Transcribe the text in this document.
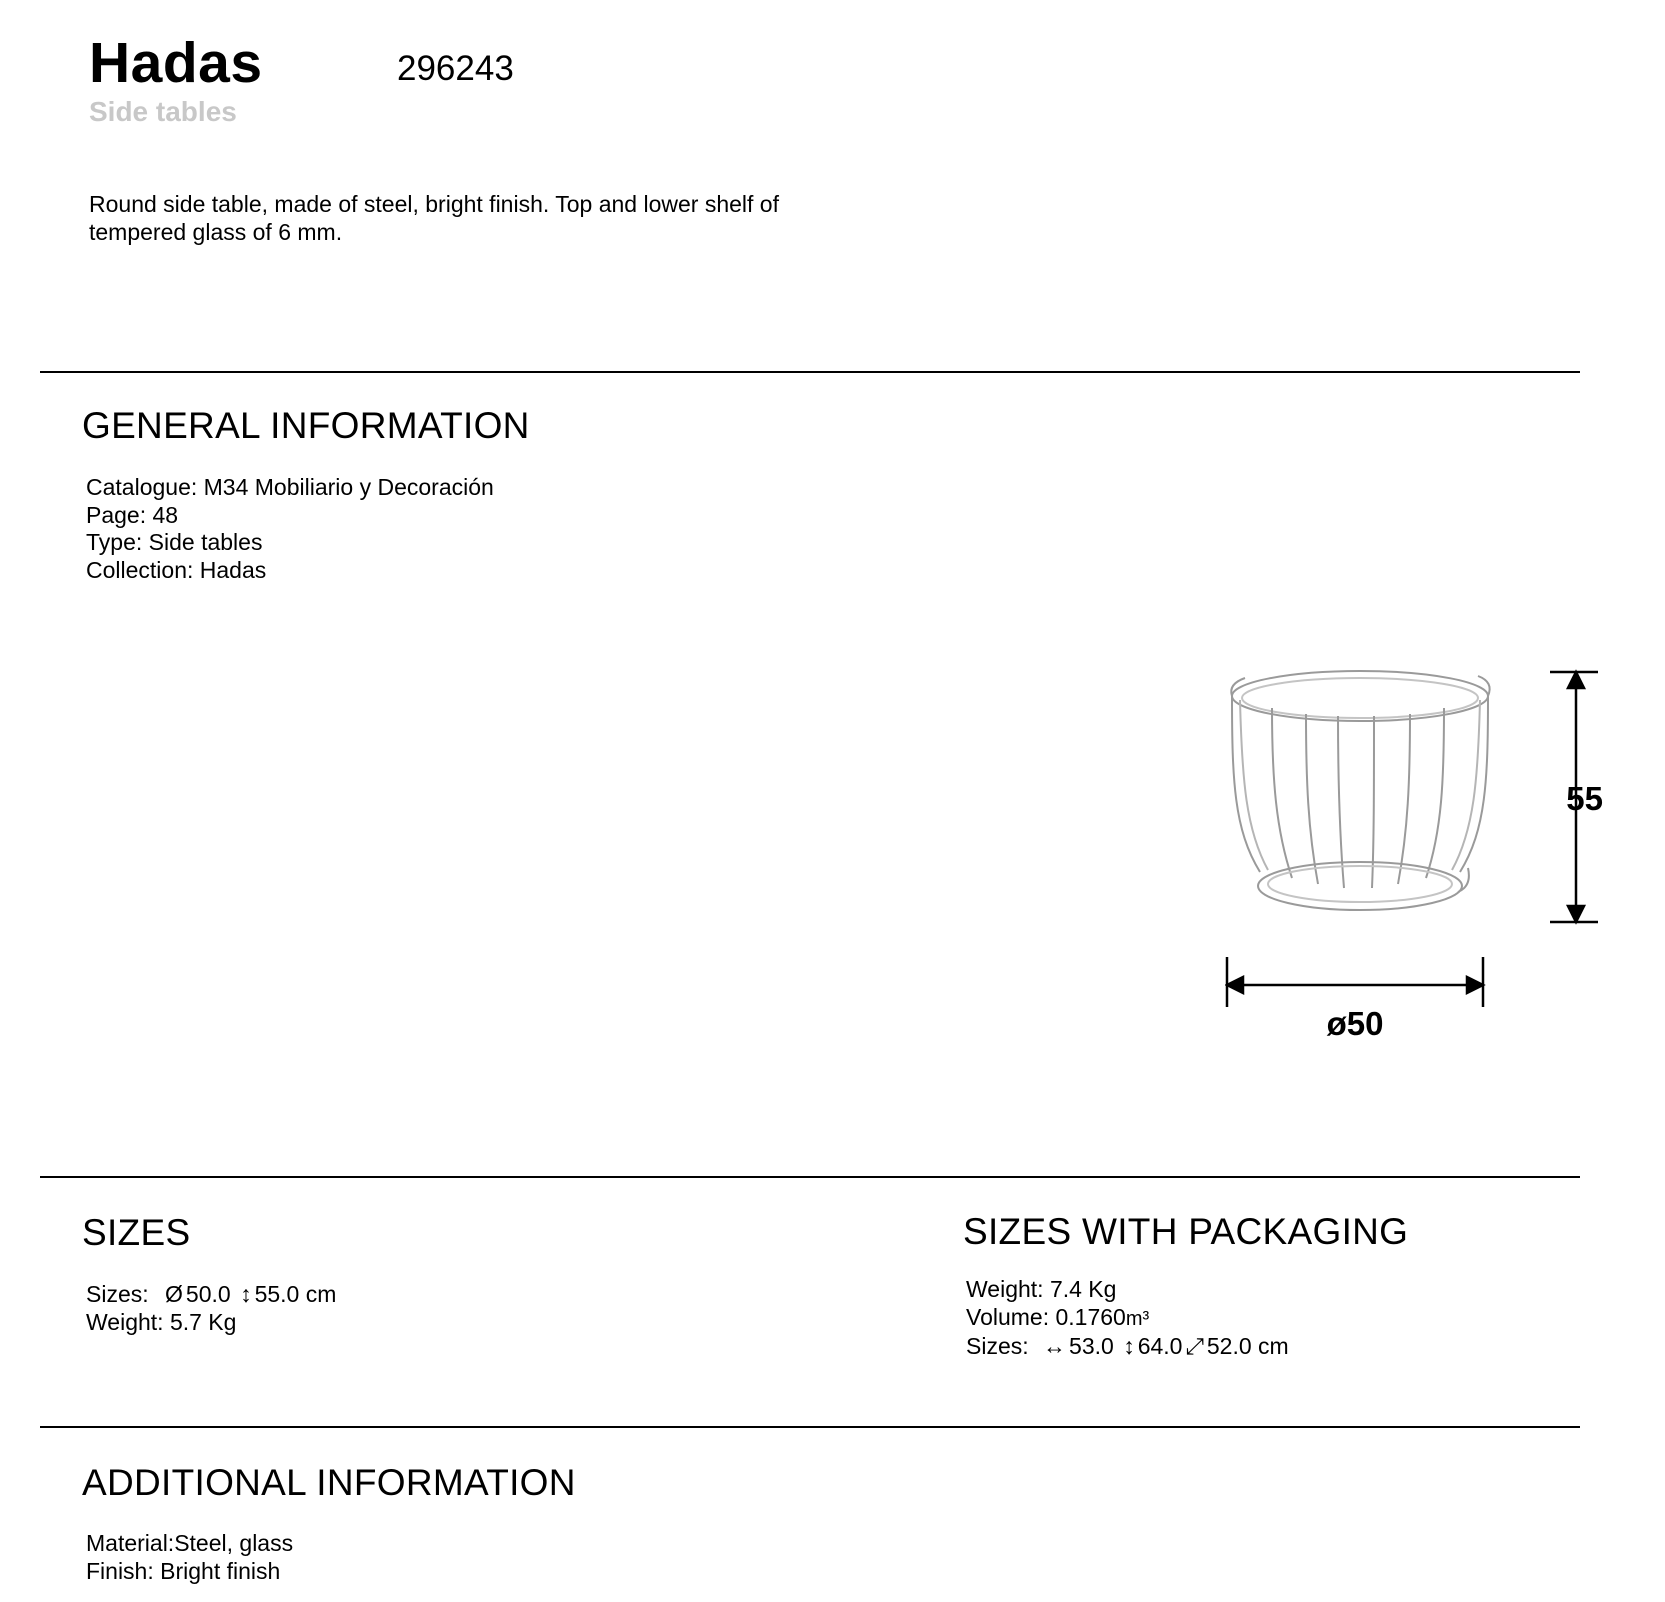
Hadas	296243
Side tables
Round side table, made of steel, bright finish. Top and lower shelf of tempered glass of 6 mm.
GENERAL INFORMATION
Catalogue: M34 Mobiliario y Decoración
Page: 48
Type: Side tables
Collection: Hadas
55
ø50
SIZES
Sizes: Ø 50.0 ↕ 55.0 cm
Weight: 5.7 Kg
SIZES WITH PACKAGING
Weight: 7.4 Kg
Volume: 0.1760m³
Sizes: ↔ 53.0 ↕ 64.0 ⤢ 52.0 cm
ADDITIONAL INFORMATION
Material:Steel, glass
Finish: Bright finish
